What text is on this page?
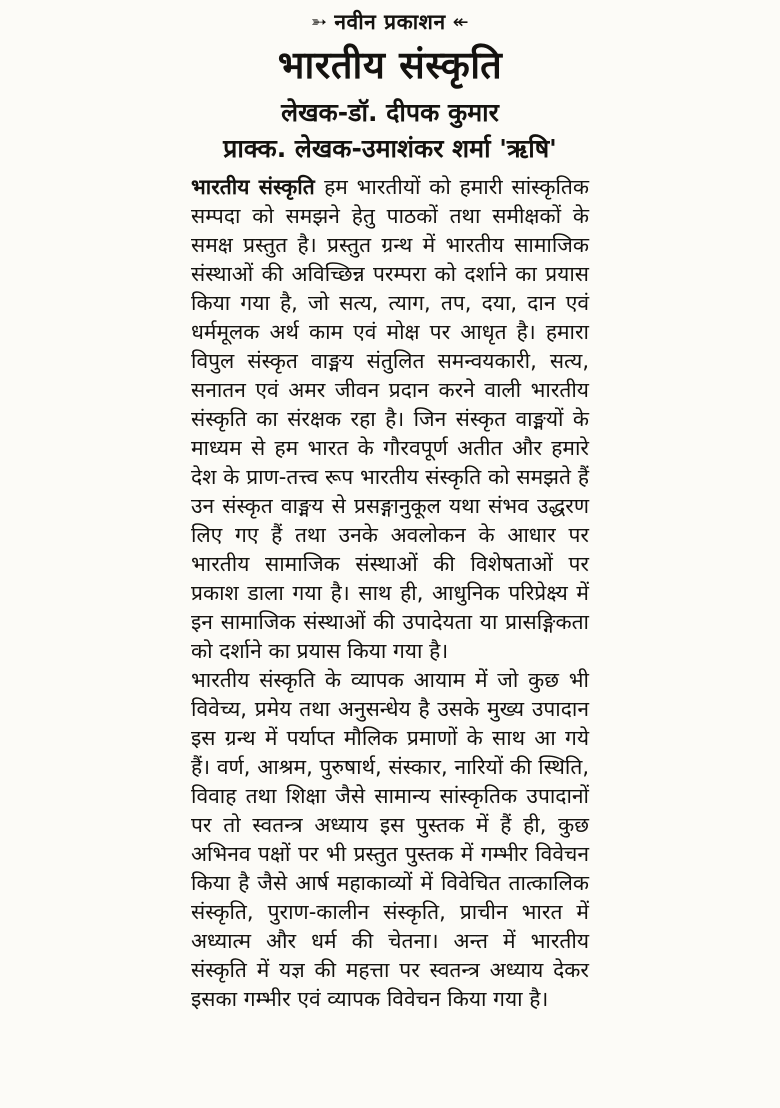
➳ नवीन प्रकाशन ↞
भारतीय संस्कृति
लेखक-डॉ. दीपक कुमार
प्राक्क. लेखक-उमाशंकर शर्मा 'ऋषि'

भारतीय संस्कृति हम भारतीयों को हमारी सांस्कृतिक सम्पदा को समझने हेतु पाठकों तथा समीक्षकों के समक्ष प्रस्तुत है। प्रस्तुत ग्रन्थ में भारतीय सामाजिक संस्थाओं की अविच्छिन्न परम्परा को दर्शाने का प्रयास किया गया है, जो सत्य, त्याग, तप, दया, दान एवं धर्ममूलक अर्थ काम एवं मोक्ष पर आधृत है। हमारा विपुल संस्कृत वाङ्मय संतुलित समन्वयकारी, सत्य, सनातन एवं अमर जीवन प्रदान करने वाली भारतीय संस्कृति का संरक्षक रहा है। जिन संस्कृत वाङ्मयों के माध्यम से हम भारत के गौरवपूर्ण अतीत और हमारे देश के प्राण-तत्त्व रूप भारतीय संस्कृति को समझते हैं उन संस्कृत वाङ्मय से प्रसङ्गानुकूल यथा संभव उद्धरण लिए गए हैं तथा उनके अवलोकन के आधार पर भारतीय सामाजिक संस्थाओं की विशेषताओं पर प्रकाश डाला गया है। साथ ही, आधुनिक परिप्रेक्ष्य में इन सामाजिक संस्थाओं की उपादेयता या प्रासङ्गिकता को दर्शाने का प्रयास किया गया है।

भारतीय संस्कृति के व्यापक आयाम में जो कुछ भी विवेच्य, प्रमेय तथा अनुसन्धेय है उसके मुख्य उपादान इस ग्रन्थ में पर्याप्त मौलिक प्रमाणों के साथ आ गये हैं। वर्ण, आश्रम, पुरुषार्थ, संस्कार, नारियों की स्थिति, विवाह तथा शिक्षा जैसे सामान्य सांस्कृतिक उपादानों पर तो स्वतन्त्र अध्याय इस पुस्तक में हैं ही, कुछ अभिनव पक्षों पर भी प्रस्तुत पुस्तक में गम्भीर विवेचन किया है जैसे आर्ष महाकाव्यों में विवेचित तात्कालिक संस्कृति, पुराण-कालीन संस्कृति, प्राचीन भारत में अध्यात्म और धर्म की चेतना। अन्त में भारतीय संस्कृति में यज्ञ की महत्ता पर स्वतन्त्र अध्याय देकर इसका गम्भीर एवं व्यापक विवेचन किया गया है।
